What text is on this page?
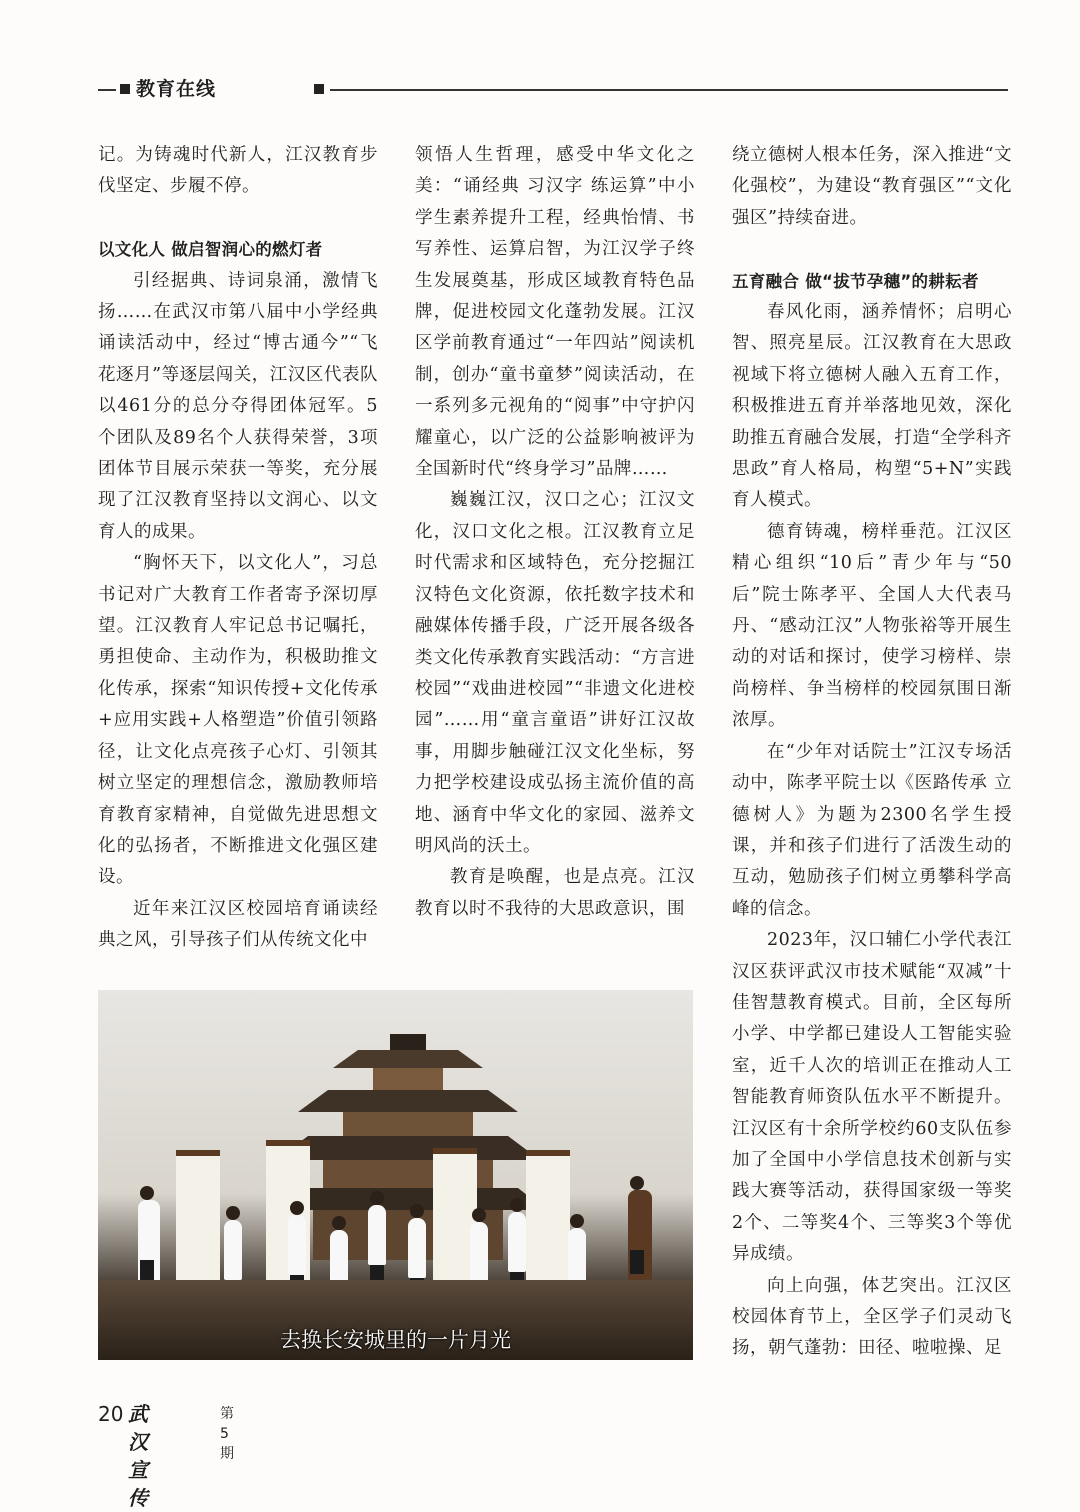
教育在线

记。为铸魂时代新人，江汉教育步伐坚定、步履不停。

以文化人 做启智润心的燃灯者

引经据典、诗词泉涌，激情飞扬……在武汉市第八届中小学经典诵读活动中，经过“博古通今”“飞花逐月”等逐层闯关，江汉区代表队以461分的总分夺得团体冠军。5个团队及89名个人获得荣誉，3项团体节目展示荣获一等奖，充分展现了江汉教育坚持以文润心、以文育人的成果。

“胸怀天下，以文化人”，习总书记对广大教育工作者寄予深切厚望。江汉教育人牢记总书记嘱托，勇担使命、主动作为，积极助推文化传承，探索“知识传授+文化传承+应用实践+人格塑造”价值引领路径，让文化点亮孩子心灯、引领其树立坚定的理想信念，激励教师培育教育家精神，自觉做先进思想文化的弘扬者，不断推进文化强区建设。

近年来江汉区校园培育诵读经典之风，引导孩子们从传统文化中

领悟人生哲理，感受中华文化之美：“诵经典 习汉字 练运算”中小学生素养提升工程，经典怡情、书写养性、运算启智，为江汉学子终生发展奠基，形成区域教育特色品牌，促进校园文化蓬勃发展。江汉区学前教育通过“一年四站”阅读机制，创办“童书童梦”阅读活动，在一系列多元视角的“阅事”中守护闪耀童心，以广泛的公益影响被评为全国新时代“终身学习”品牌……

巍巍江汉，汉口之心；江汉文化，汉口文化之根。江汉教育立足时代需求和区域特色，充分挖掘江汉特色文化资源，依托数字技术和融媒体传播手段，广泛开展各级各类文化传承教育实践活动：“方言进校园”“戏曲进校园”“非遗文化进校园”……用“童言童语”讲好江汉故事，用脚步触碰江汉文化坐标，努力把学校建设成弘扬主流价值的高地、涵育中华文化的家园、滋养文明风尚的沃土。

教育是唤醒，也是点亮。江汉教育以时不我待的大思政意识，围

绕立德树人根本任务，深入推进“文化强校”，为建设“教育强区”“文化强区”持续奋进。

五育融合 做“拔节孕穗”的耕耘者

春风化雨，涵养情怀；启明心智、照亮星辰。江汉教育在大思政视域下将立德树人融入五育工作，积极推进五育并举落地见效，深化助推五育融合发展，打造“全学科齐思政”育人格局，构塑“5+N”实践育人模式。

德育铸魂，榜样垂范。江汉区精心组织“10后”青少年与“50后”院士陈孝平、全国人大代表马丹、“感动江汉”人物张裕等开展生动的对话和探讨，使学习榜样、崇尚榜样、争当榜样的校园氛围日渐浓厚。

在“少年对话院士”江汉专场活动中，陈孝平院士以《医路传承 立德树人》为题为2300名学生授课，并和孩子们进行了活泼生动的互动，勉励孩子们树立勇攀科学高峰的信念。

2023年，汉口辅仁小学代表江汉区获评武汉市技术赋能“双减”十佳智慧教育模式。目前，全区每所小学、中学都已建设人工智能实验室，近千人次的培训正在推动人工智能教育师资队伍水平不断提升。江汉区有十余所学校约60支队伍参加了全国中小学信息技术创新与实践大赛等活动，获得国家级一等奖2个、二等奖4个、三等奖3个等优异成绩。

向上向强，体艺突出。江汉区校园体育节上，全区学子们灵动飞扬，朝气蓬勃：田径、啦啦操、足

去换长安城里的一片月光
20 武汉宣传
第5期
